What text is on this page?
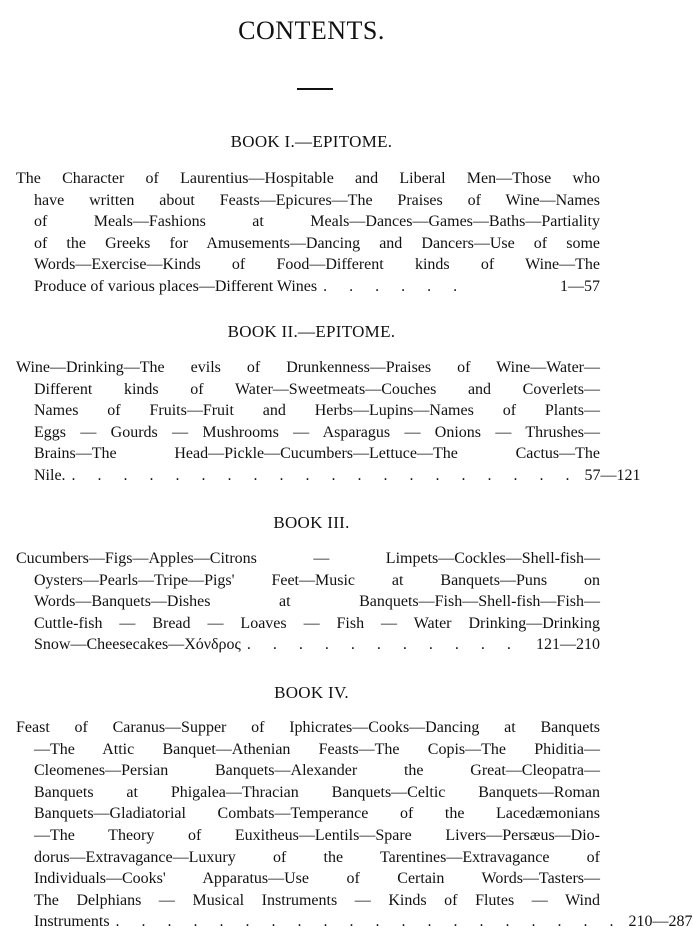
CONTENTS.
BOOK I.—EPITOME.
The Character of Laurentius—Hospitable and Liberal Men—Those who
have written about Feasts—Epicures—The Praises of Wine—Names
of Meals—Fashions at Meals—Dances—Games—Baths—Partiality
of the Greeks for Amusements—Dancing and Dancers—Use of some
Words—Exercise—Kinds of Food—Different kinds of Wine—The
Produce of various places—Different Wines . . . . . .	1—57
BOOK II.—EPITOME.
Wine—Drinking—The evils of Drunkenness—Praises of Wine—Water—
Different kinds of Water—Sweetmeats—Couches and Coverlets—
Names of Fruits—Fruit and Herbs—Lupins—Names of Plants—
Eggs — Gourds — Mushrooms — Asparagus — Onions — Thrushes—
Brains—The Head—Pickle—Cucumbers—Lettuce—The Cactus—The
Nile. . . . . . . . . . . . . . . . . . . . . 57—121
BOOK III.
Cucumbers—Figs—Apples—Citrons — Limpets—Cockles—Shell-fish—
Oysters—Pearls—Tripe—Pigs' Feet—Music at Banquets—Puns on
Words—Banquets—Dishes at Banquets—Fish—Shell-fish—Fish—
Cuttle-fish — Bread — Loaves — Fish — Water Drinking—Drinking
Snow—Cheesecakes—Χόνδρος . . . . . . . . . . .	121—210
BOOK IV.
Feast of Caranus—Supper of Iphicrates—Cooks—Dancing at Banquets
—The Attic Banquet—Athenian Feasts—The Copis—The Phiditia—
Cleomenes—Persian Banquets—Alexander the Great—Cleopatra—
Banquets at Phigalea—Thracian Banquets—Celtic Banquets—Roman
Banquets—Gladiatorial Combats—Temperance of the Lacedæmonians
—The Theory of Euxitheus—Lentils—Spare Livers—Persæus—Dio-
dorus—Extravagance—Luxury of the Tarentines—Extravagance of
Individuals—Cooks' Apparatus—Use of Certain Words—Tasters—
The Delphians — Musical Instruments — Kinds of Flutes — Wind
Instruments . . . . . . . . . . . . . . . . . . . . 210—287
